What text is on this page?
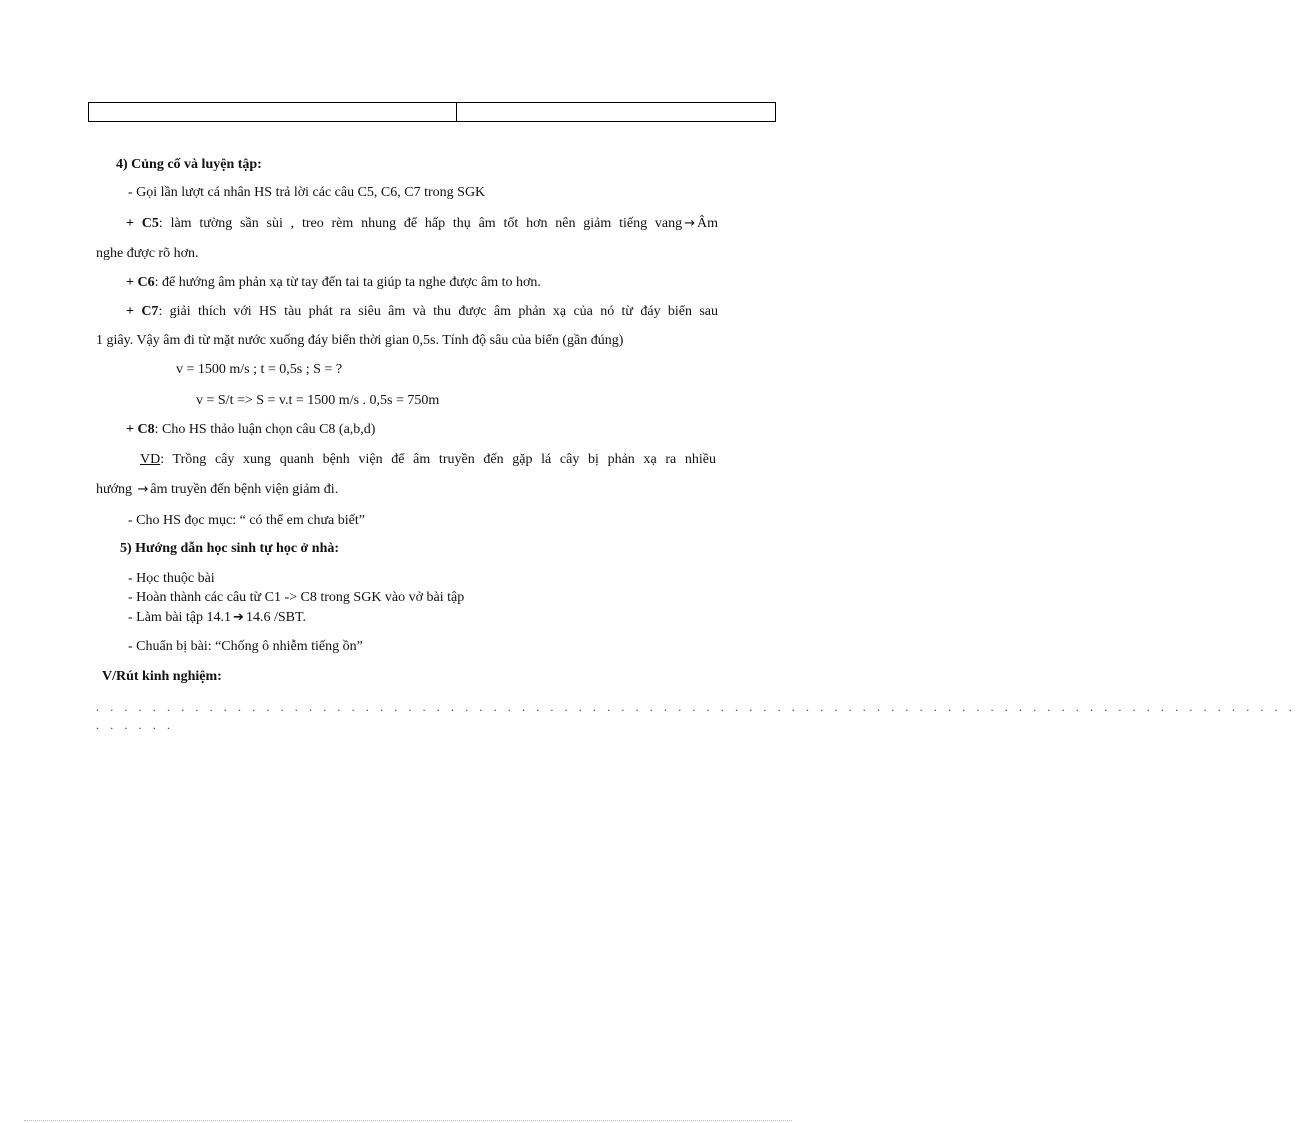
4) Củng cố và luyện tập:
- Gọi lần lượt cá nhân HS trả lời các câu C5, C6, C7 trong SGK
+ C5: làm tường sần sùi , treo rèm nhung để hấp thụ âm tốt hơn nên giảm tiếng vang → Âm
nghe được rõ hơn.
+ C6: để hướng âm phản xạ từ tay đến tai ta giúp ta nghe được âm to hơn.
+ C7: giải thích với HS tàu phát ra siêu âm và thu được âm phản xạ của nó từ đáy biển sau
1 giây. Vậy âm đi từ mặt nước xuống đáy biển thời gian 0,5s. Tính độ sâu của biển (gần đúng)
v = 1500 m/s ; t = 0,5s ; S = ?
v = S/t => S = v.t = 1500 m/s . 0,5s = 750m
+ C8: Cho HS thảo luận chọn câu C8 (a,b,d)
VD: Trồng cây xung quanh bệnh viện để âm truyền đến gặp lá cây bị phản xạ ra nhiều
hướng → âm truyền đến bệnh viện giảm đi.
- Cho HS đọc mục: “ có thể em chưa biết”
5) Hướng dẫn học sinh tự học ở nhà:
- Học thuộc bài
- Hoàn thành các câu từ C1 -> C8 trong SGK vào vở bài tập
- Làm bài tập 14.1 ➔ 14.6 /SBT.
- Chuẩn bị bài: “Chống ô nhiễm tiếng ồn”
V/Rút kinh nghiệm:
. . . . . . . . . . . . . . . . . . . . . . . . . . . . . . . . . . . . . . . . . . . . . . . . . . . . . . . . . . . . . . . . . . . . . . . . . . . . . . . . . . . . .
. . . . . .
